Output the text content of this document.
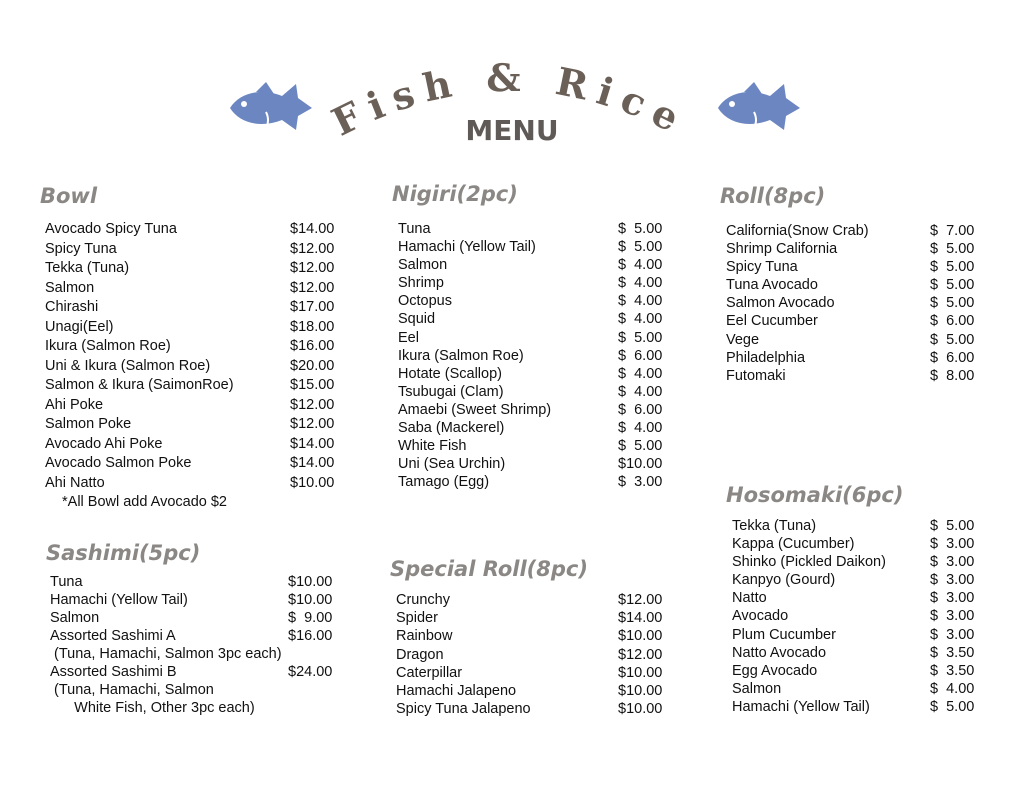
Fish & Rice
MENU
Bowl
Avocado Spicy Tuna	$14.00
Spicy Tuna	$12.00
Tekka (Tuna)	$12.00
Salmon	$12.00
Chirashi	$17.00
Unagi(Eel)	$18.00
Ikura (Salmon Roe)	$16.00
Uni & Ikura (Salmon Roe)	$20.00
Salmon & Ikura (SaimonRoe)	$15.00
Ahi Poke	$12.00
Salmon Poke	$12.00
Avocado Ahi Poke	$14.00
Avocado Salmon Poke	$14.00
Ahi Natto	$10.00
*All Bowl add Avocado $2
Sashimi(5pc)
Tuna	$10.00
Hamachi (Yellow Tail)	$10.00
Salmon	$  9.00
Assorted Sashimi A	$16.00
(Tuna, Hamachi, Salmon 3pc each)
Assorted Sashimi B	$24.00
(Tuna, Hamachi, Salmon
White Fish, Other 3pc each)
Nigiri(2pc)
Tuna	$  5.00
Hamachi (Yellow Tail)	$  5.00
Salmon	$  4.00
Shrimp	$  4.00
Octopus	$  4.00
Squid	$  4.00
Eel	$  5.00
Ikura (Salmon Roe)	$  6.00
Hotate (Scallop)	$  4.00
Tsubugai (Clam)	$  4.00
Amaebi (Sweet Shrimp)	$  6.00
Saba (Mackerel)	$  4.00
White Fish	$  5.00
Uni (Sea Urchin)	$10.00
Tamago (Egg)	$  3.00
Special Roll(8pc)
Crunchy	$12.00
Spider	$14.00
Rainbow	$10.00
Dragon	$12.00
Caterpillar	$10.00
Hamachi Jalapeno	$10.00
Spicy Tuna Jalapeno	$10.00
Roll(8pc)
California(Snow Crab)	$  7.00
Shrimp California	$  5.00
Spicy Tuna	$  5.00
Tuna Avocado	$  5.00
Salmon Avocado	$  5.00
Eel Cucumber	$  6.00
Vege	$  5.00
Philadelphia	$  6.00
Futomaki	$  8.00
Hosomaki(6pc)
Tekka (Tuna)	$  5.00
Kappa (Cucumber)	$  3.00
Shinko (Pickled Daikon)	$  3.00
Kanpyo (Gourd)	$  3.00
Natto	$  3.00
Avocado	$  3.00
Plum Cucumber	$  3.00
Natto Avocado	$  3.50
Egg Avocado	$  3.50
Salmon	$  4.00
Hamachi (Yellow Tail)	$  5.00
